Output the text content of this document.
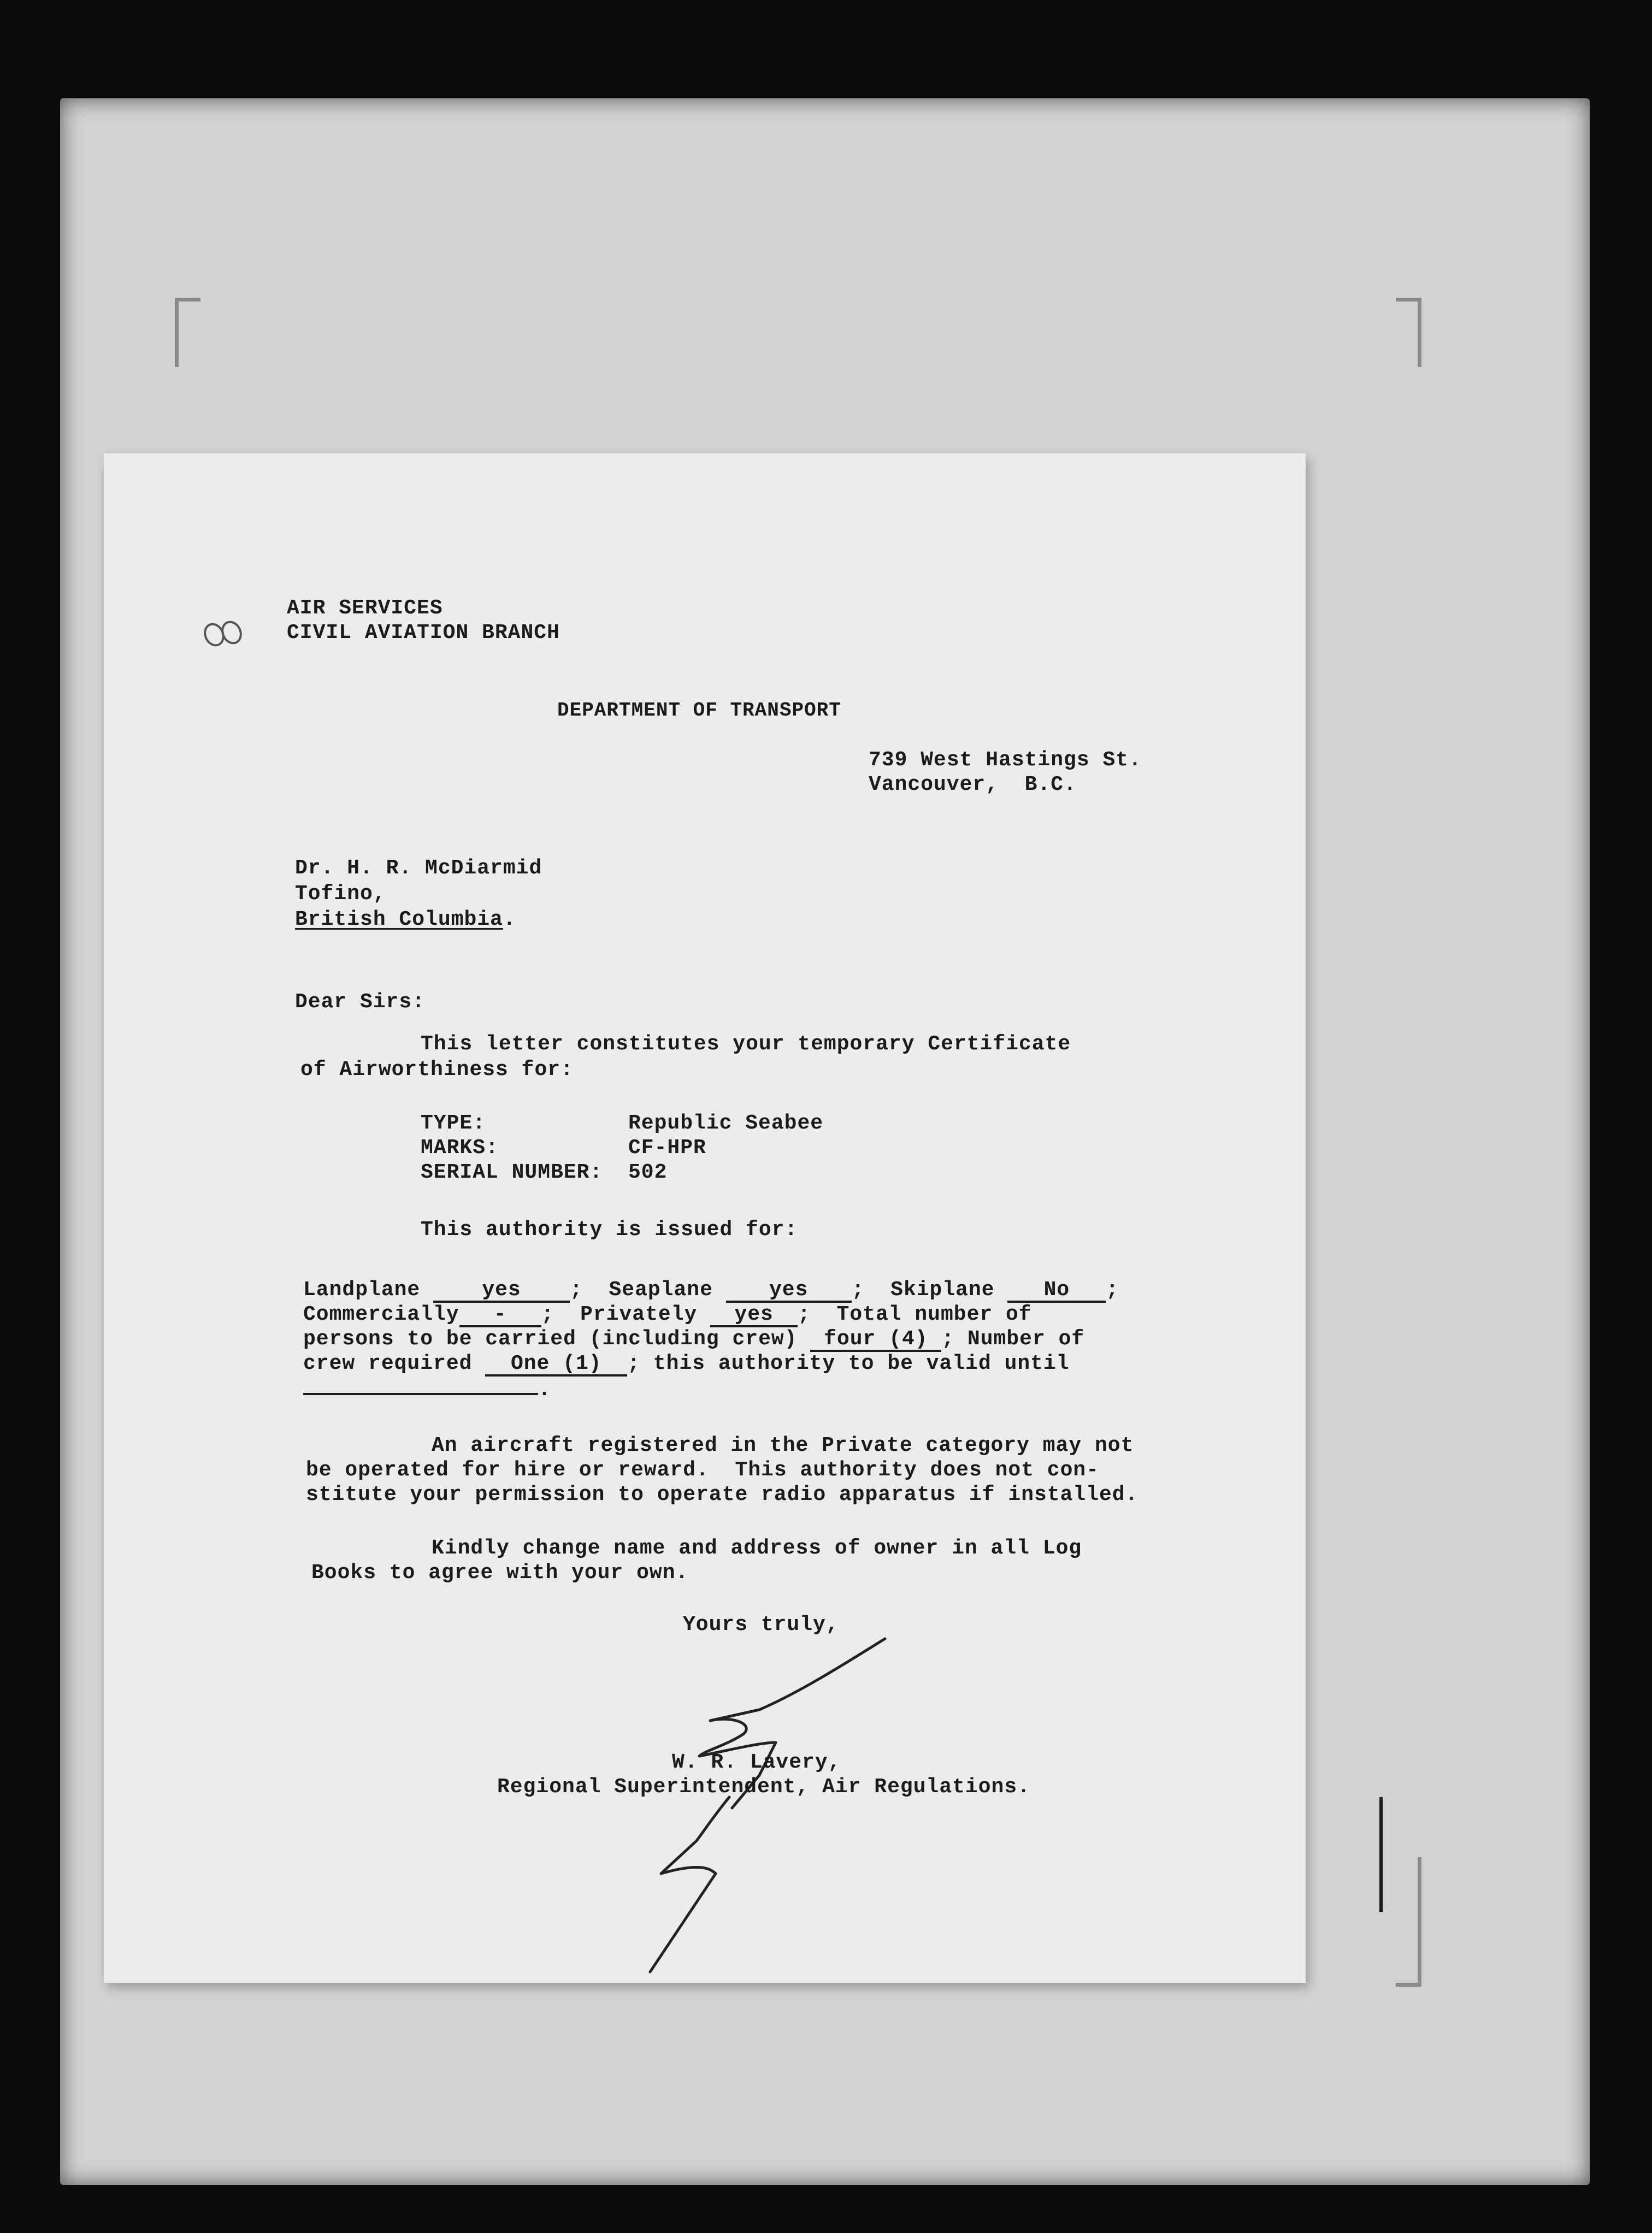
AIR SERVICES
CIVIL AVIATION BRANCH
DEPARTMENT OF TRANSPORT
739 West Hastings St.
Vancouver,  B.C.
Dr. H. R. McDiarmid
Tofino,
British Columbia.
Dear Sirs:
This letter constitutes your temporary Certificate
of Airworthiness for:
TYPE:	Republic Seabee
MARKS:	CF-HPR
SERIAL NUMBER: 502
This authority is issued for:
Landplane	yes ;  Seaplane	yes ;  Skiplane No ;
Commercially - ;  Privately yes ;  Total number of
persons to be carried (including crew) four (4) ; Number of
crew required One (1) ; this authority to be valid until
.
An aircraft registered in the Private category may not
be operated for hire or reward.  This authority does not con-
stitute your permission to operate radio apparatus if installed.
Kindly change name and address of owner in all Log
Books to agree with your own.
Yours truly,
W. R. Lavery,
Regional Superintendent, Air Regulations.
